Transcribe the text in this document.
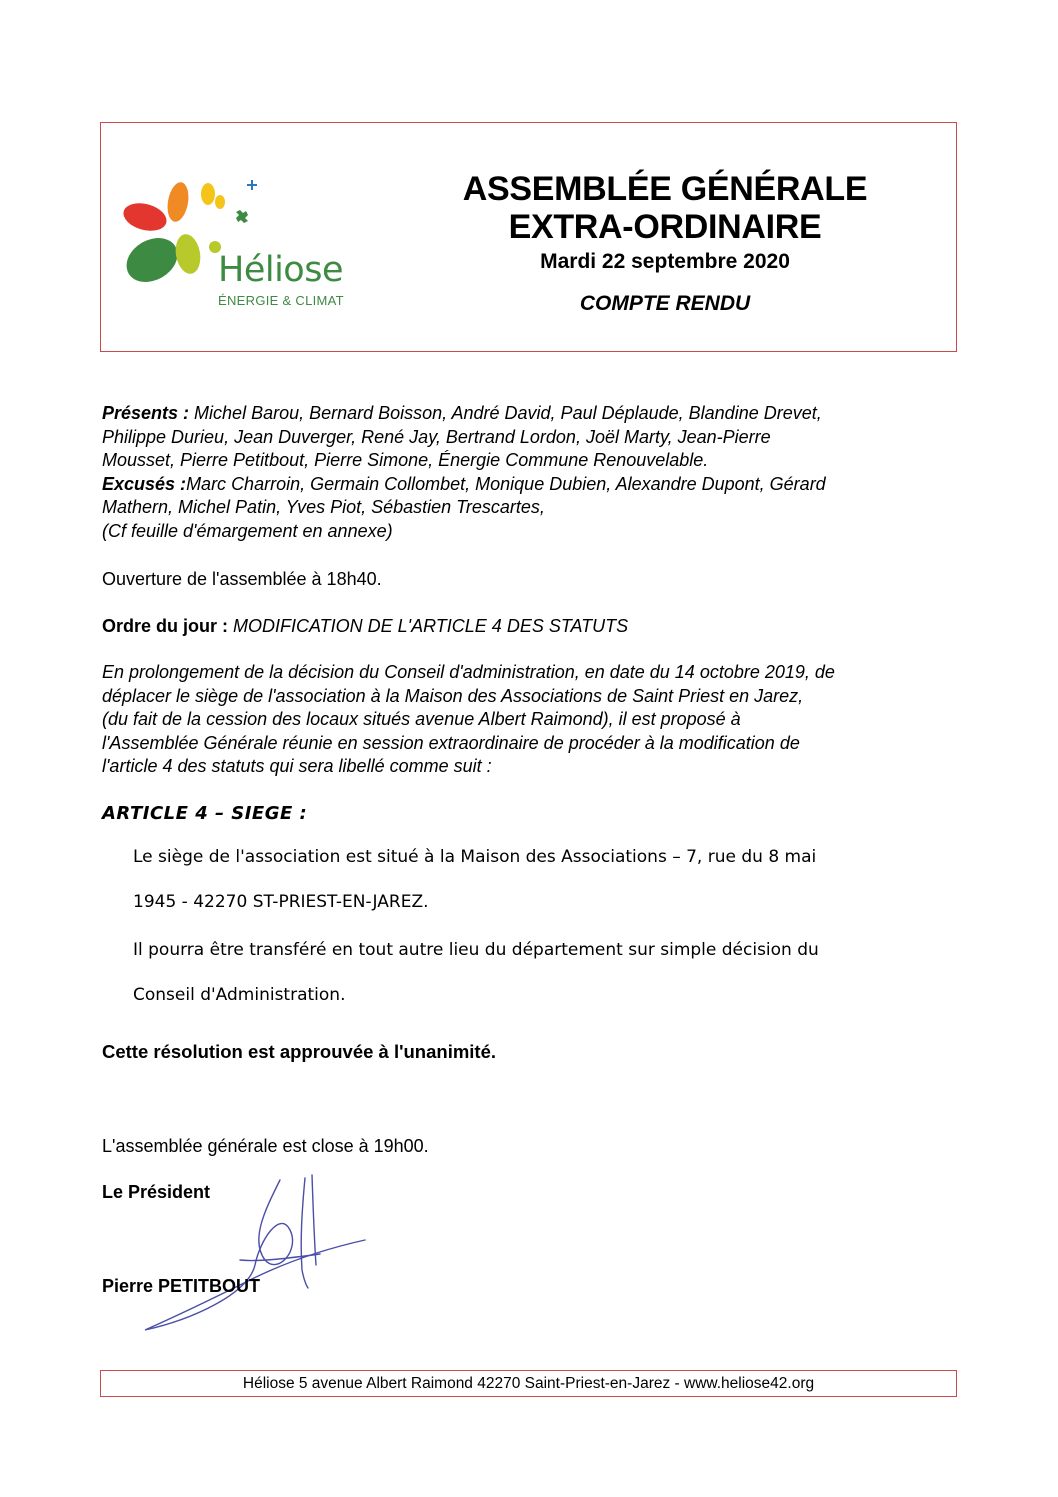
Héliose
ÉNERGIE & CLIMAT
ASSEMBLÉE GÉNÉRALE
EXTRA-ORDINAIRE
Mardi 22 septembre 2020
COMPTE RENDU
Présents : Michel Barou, Bernard Boisson, André David, Paul Déplaude, Blandine Drevet,
Philippe Durieu, Jean Duverger, René Jay, Bertrand Lordon, Joël Marty, Jean-Pierre
Mousset, Pierre Petitbout, Pierre Simone, Énergie Commune Renouvelable.
Excusés :Marc Charroin, Germain Collombet, Monique Dubien, Alexandre Dupont, Gérard
Mathern, Michel Patin, Yves Piot, Sébastien Trescartes,
(Cf feuille d'émargement en annexe)
Ouverture de l'assemblée à 18h40.
Ordre du jour : MODIFICATION DE L'ARTICLE 4 DES STATUTS
En prolongement de la décision du Conseil d'administration, en date du 14 octobre 2019, de
déplacer le siège de l'association à la Maison des Associations de Saint Priest en Jarez,
(du fait de la cession des locaux situés avenue Albert Raimond), il est proposé à
l'Assemblée Générale réunie en session extraordinaire de procéder à la modification de
l'article 4 des statuts qui sera libellé comme suit :
ARTICLE 4 – SIEGE :
Le siège de l'association est situé à la Maison des Associations – 7, rue du 8 mai
1945 - 42270 ST-PRIEST-EN-JAREZ.
Il pourra être transféré en tout autre lieu du département sur simple décision du
Conseil d'Administration.
Cette résolution est approuvée à l'unanimité.
L'assemblée générale est close à 19h00.
Le Président
Pierre PETITBOUT
Héliose 5 avenue Albert Raimond 42270 Saint-Priest-en-Jarez - www.heliose42.org
